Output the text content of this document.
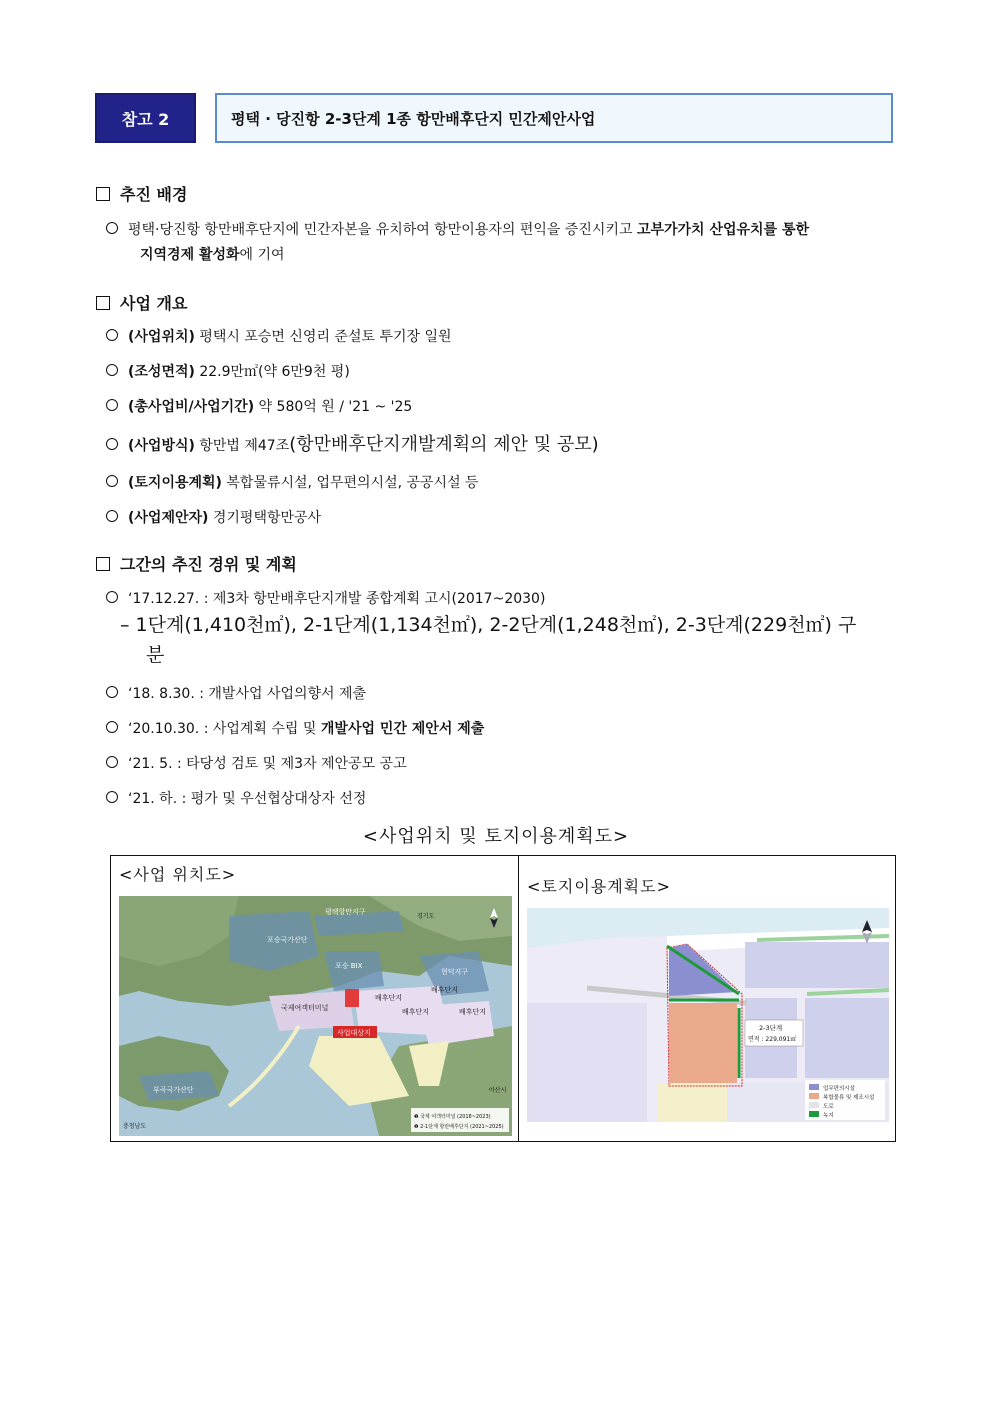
참고 2	평택 · 당진항 2-3단계 1종 항만배후단지 민간제안사업
추진 배경
평택·당진항 항만배후단지에 민간자본을 유치하여 항만이용자의 편익을 증진시키고 고부가가치 산업유치를 통한
지역경제 활성화에 기여
사업 개요
(사업위치) 평택시 포승면 신영리 준설토 투기장 일원
(조성면적) 22.9만㎡(약 6만9천 평)
(총사업비/사업기간) 약 580억 원 / '21 ~ '25
(사업방식) 항만법 제47조(항만배후단지개발계획의 제안 및 공모)
(토지이용계획) 복합물류시설, 업무편의시설, 공공시설 등
(사업제안자) 경기평택항만공사
그간의 추진 경위 및 계획
‘17.12.27. : 제3차 항만배후단지개발 종합계획 고시(2017~2030)
– 1단계(1,410천㎡), 2-1단계(1,134천㎡), 2-2단계(1,248천㎡), 2-3단계(229천㎡) 구
분
‘18. 8.30. : 개발사업 사업의향서 제출
‘20.10.30. : 사업계획 수립 및 개발사업 민간 제안서 제출
‘21. 5. : 타당성 검토 및 제3자 제안공모 공고
‘21. 하. : 평가 및 우선협상대상자 선정
<사업위치 및 토지이용계획도>
<사업 위치도>
<토지이용계획도>
포승국가산단
평택항만지구
포승 BIX
현덕지구
국제여객터미널
배후단지
배후단지
배후단지
배후단지
사업대상지
부곡국가산단
충청남도
아산시
경기도
❶ 국제 여객터미널 (2018~2023)
❷ 2-1단계 항만배후단지 (2021~2025)
2-3단계
면적 : 229,091㎡
업무편의시설
복합물류 및 제조시설
도로
녹지
